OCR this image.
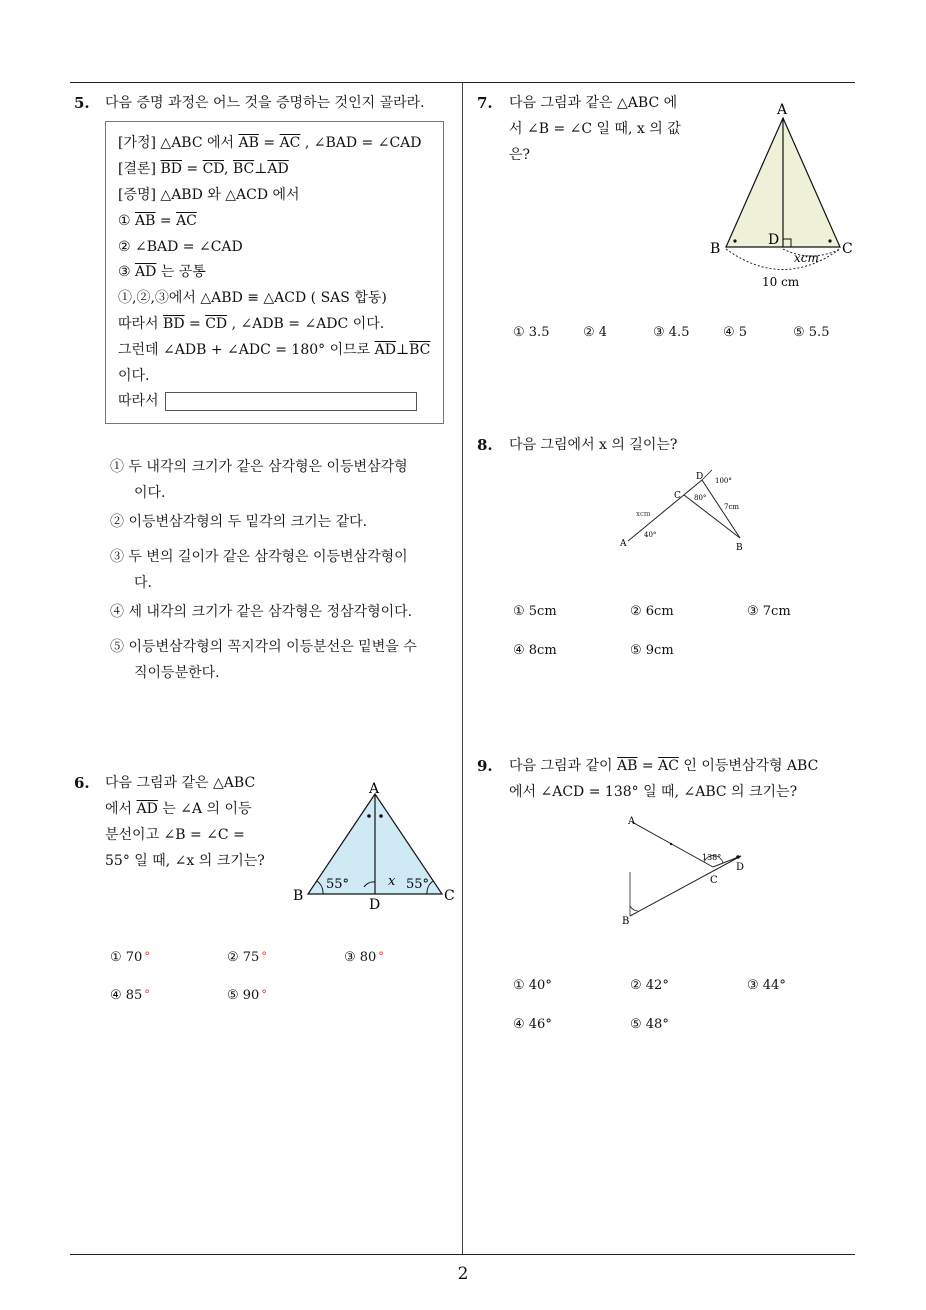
2
5. 다음 증명 과정은 어느 것을 증명하는 것인지 골라라.
[가정] △ABC 에서 $\overline{AB} = \overline{AC}$ , ∠BAD = ∠CAD
[결론] $\overline{BD} = \overline{CD}$, $\overline{BC}\perp\overline{AD}$
[증명] △ABD 와 △ACD 에서
① $\overline{AB} = \overline{AC}$
② ∠BAD = ∠CAD
③ $\overline{AD}$ 는 공통
①,②,③에서 △ABD ≡ △ACD ( SAS 합동)
따라서 $\overline{BD} = \overline{CD}$ , ∠ADB = ∠ADC 이다.
그런데 ∠ADB + ∠ADC = 180° 이므로 $\overline{AD}\perp\overline{BC}$
이다.
따라서
① 두 내각의 크기가 같은 삼각형은 이등변삼각형
이다.
② 이등변삼각형의 두 밑각의 크기는 같다.
③ 두 변의 길이가 같은 삼각형은 이등변삼각형이
다.
④ 세 내각의 크기가 같은 삼각형은 정삼각형이다.
⑤ 이등변삼각형의 꼭지각의 이등분선은 밑변을 수
직이등분한다.
6. 다음 그림과 같은 △ABC
에서 $\overline{AD}$ 는 ∠A 의 이등
분선이고 ∠B = ∠C =
55° 일 때, ∠x 의 크기는?
A
B	C
D
55°	55°
x
① 70 °	② 75 °	③ 80 °
④ 85 °	⑤ 90 °
7. 다음 그림과 같은 △ABC 에
서 ∠B = ∠C 일 때, x 의 값
은?
A
B	C
D
xcm
10 cm
① 3.5	② 4	③ 4.5	④ 5	⑤ 5.5
8. 다음 그림에서 x 의 길이는?
A	B
C
D 100°
80°
40°
7cm
xcm
① 5cm	② 6cm	③ 7cm
④ 8cm	⑤ 9cm
9. 다음 그림과 같이 $\overline{AB} = \overline{AC}$ 인 이등변삼각형 ABC
에서 ∠ACD = 138° 일 때, ∠ABC 의 크기는?
A
B
C
D
138°
① 40°	② 42°	③ 44°
④ 46°	⑤ 48°
